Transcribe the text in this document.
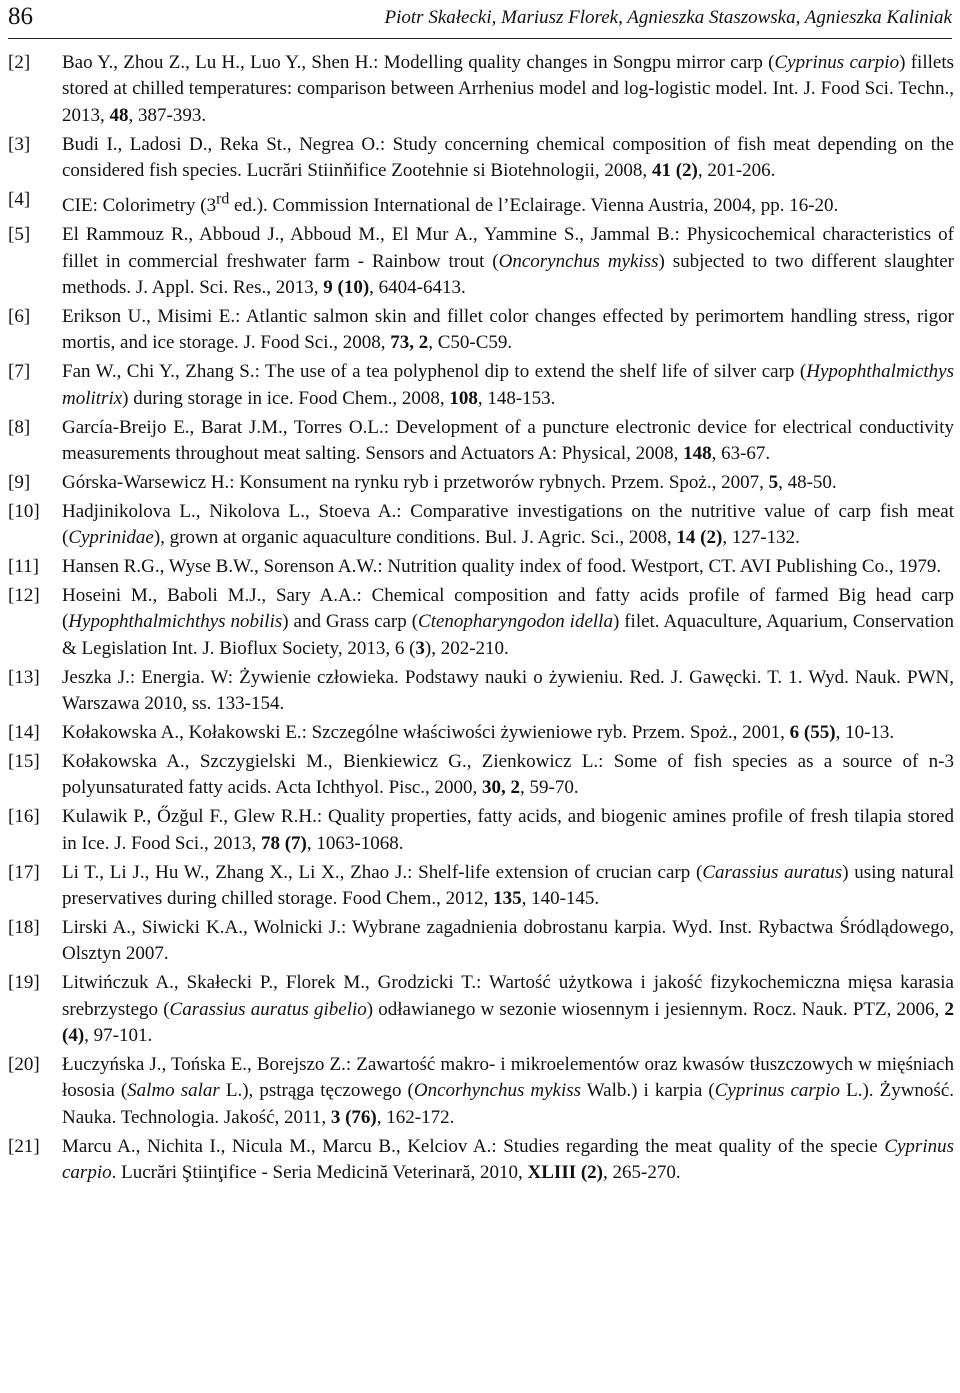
86	Piotr Skałecki, Mariusz Florek, Agnieszka Staszowska, Agnieszka Kaliniak
[2] Bao Y., Zhou Z., Lu H., Luo Y., Shen H.: Modelling quality changes in Songpu mirror carp (Cyprinus carpio) fillets stored at chilled temperatures: comparison between Arrhenius model and log-logistic model. Int. J. Food Sci. Techn., 2013, 48, 387-393.
[3] Budi I., Ladosi D., Reka St., Negrea O.: Study concerning chemical composition of fish meat depending on the considered fish species. Lucrări Stiinňifice Zootehnie si Biotehnologii, 2008, 41 (2), 201-206.
[4] CIE: Colorimetry (3rd ed.). Commission International de l’Eclairage. Vienna Austria, 2004, pp. 16-20.
[5] El Rammouz R., Abboud J., Abboud M., El Mur A., Yammine S., Jammal B.: Physicochemical characteristics of fillet in commercial freshwater farm - Rainbow trout (Oncorynchus mykiss) subjected to two different slaughter methods. J. Appl. Sci. Res., 2013, 9 (10), 6404-6413.
[6] Erikson U., Misimi E.: Atlantic salmon skin and fillet color changes effected by perimortem handling stress, rigor mortis, and ice storage. J. Food Sci., 2008, 73, 2, C50-C59.
[7] Fan W., Chi Y., Zhang S.: The use of a tea polyphenol dip to extend the shelf life of silver carp (Hypophthalmicthys molitrix) during storage in ice. Food Chem., 2008, 108, 148-153.
[8] García-Breijo E., Barat J.M., Torres O.L.: Development of a puncture electronic device for electrical conductivity measurements throughout meat salting. Sensors and Actuators A: Physical, 2008, 148, 63-67.
[9] Górska-Warsewicz H.: Konsument na rynku ryb i przetworów rybnych. Przem. Spoż., 2007, 5, 48-50.
[10] Hadjinikolova L., Nikolova L., Stoeva A.: Comparative investigations on the nutritive value of carp fish meat (Cyprinidae), grown at organic aquaculture conditions. Bul. J. Agric. Sci., 2008, 14 (2), 127-132.
[11] Hansen R.G., Wyse B.W., Sorenson A.W.: Nutrition quality index of food. Westport, CT. AVI Publishing Co., 1979.
[12] Hoseini M., Baboli M.J., Sary A.A.: Chemical composition and fatty acids profile of farmed Big head carp (Hypophthalmichthys nobilis) and Grass carp (Ctenopharyngodon idella) filet. Aquaculture, Aquarium, Conservation & Legislation Int. J. Bioflux Society, 2013, 6 (3), 202-210.
[13] Jeszka J.: Energia. W: Żywienie człowieka. Podstawy nauki o żywieniu. Red. J. Gawęcki. T. 1. Wyd. Nauk. PWN, Warszawa 2010, ss. 133-154.
[14] Kołakowska A., Kołakowski E.: Szczególne właściwości żywieniowe ryb. Przem. Spoż., 2001, 6 (55), 10-13.
[15] Kołakowska A., Szczygielski M., Bienkiewicz G., Zienkowicz L.: Some of fish species as a source of n-3 polyunsaturated fatty acids. Acta Ichthyol. Pisc., 2000, 30, 2, 59-70.
[16] Kulawik P., Őzğul F., Glew R.H.: Quality properties, fatty acids, and biogenic amines profile of fresh tilapia stored in Ice. J. Food Sci., 2013, 78 (7), 1063-1068.
[17] Li T., Li J., Hu W., Zhang X., Li X., Zhao J.: Shelf-life extension of crucian carp (Carassius auratus) using natural preservatives during chilled storage. Food Chem., 2012, 135, 140-145.
[18] Lirski A., Siwicki K.A., Wolnicki J.: Wybrane zagadnienia dobrostanu karpia. Wyd. Inst. Rybactwa Śródlądowego, Olsztyn 2007.
[19] Litwińczuk A., Skałecki P., Florek M., Grodzicki T.: Wartość użytkowa i jakość fizykochemiczna mięsa karasia srebrzystego (Carassius auratus gibelio) odławianego w sezonie wiosennym i jesiennym. Rocz. Nauk. PTZ, 2006, 2 (4), 97-101.
[20] Łuczyńska J., Tońska E., Borejszo Z.: Zawartość makro- i mikroelementów oraz kwasów tłuszczowych w mięśniach łososia (Salmo salar L.), pstrąga tęczowego (Oncorhynchus mykiss Walb.) i karpia (Cyprinus carpio L.). Żywność. Nauka. Technologia. Jakość, 2011, 3 (76), 162-172.
[21] Marcu A., Nichita I., Nicula M., Marcu B., Kelciov A.: Studies regarding the meat quality of the specie Cyprinus carpio. Lucrări Ştiinţifice - Seria Medicină Veterinară, 2010, XLIII (2), 265-270.
